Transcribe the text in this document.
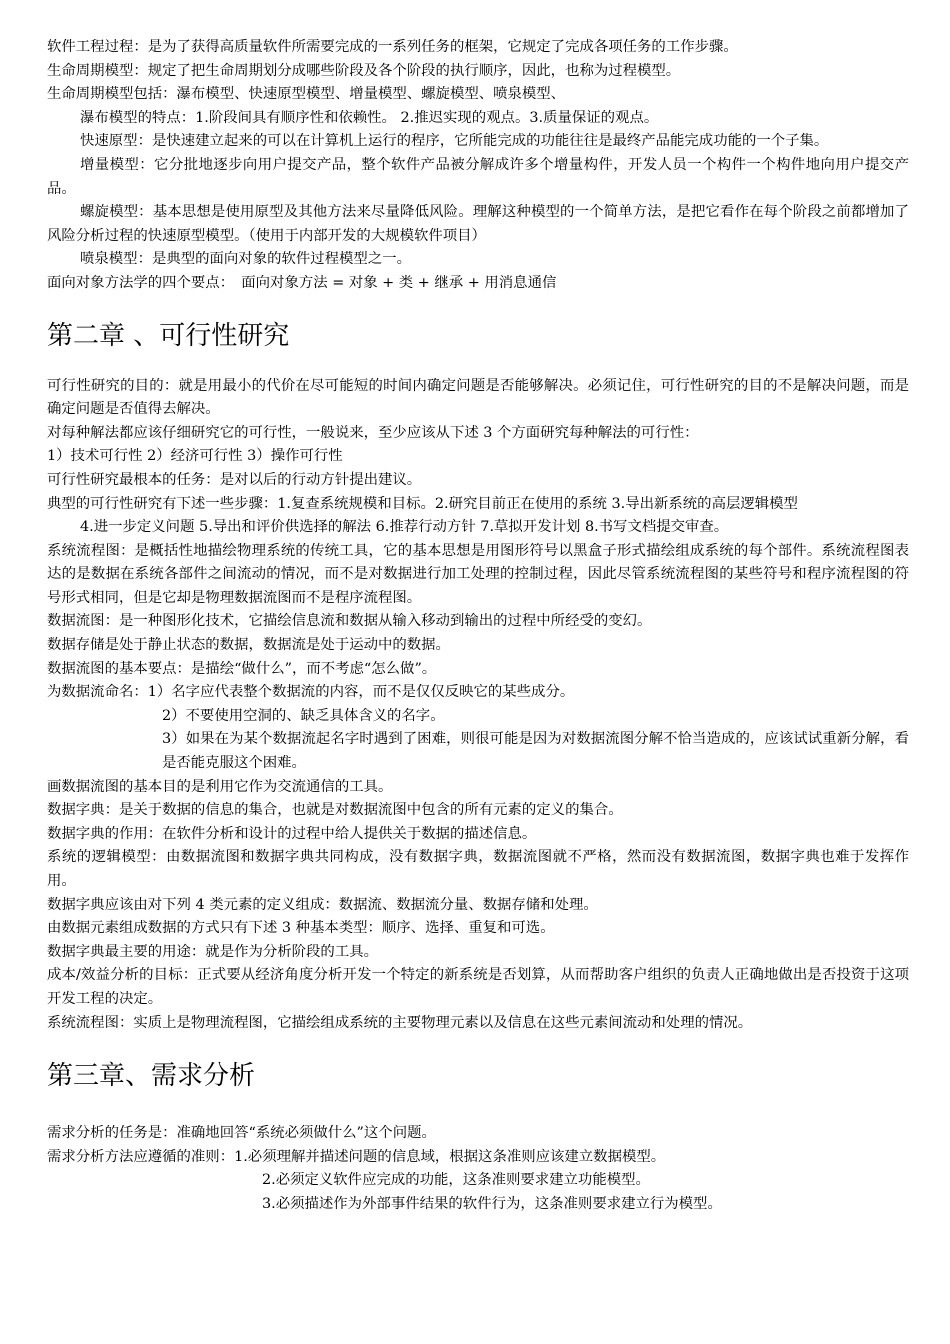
软件工程过程：是为了获得高质量软件所需要完成的一系列任务的框架，它规定了完成各项任务的工作步骤。

生命周期模型：规定了把生命周期划分成哪些阶段及各个阶段的执行顺序，因此，也称为过程模型。

生命周期模型包括：瀑布模型、快速原型模型、增量模型、螺旋模型、喷泉模型、

瀑布模型的特点：1.阶段间具有顺序性和依赖性。 2.推迟实现的观点。3.质量保证的观点。

快速原型：是快速建立起来的可以在计算机上运行的程序，它所能完成的功能往往是最终产品能完成功能的一个子集。

增量模型：它分批地逐步向用户提交产品，整个软件产品被分解成许多个增量构件，开发人员一个构件一个构件地向用户提交产品。

螺旋模型：基本思想是使用原型及其他方法来尽量降低风险。理解这种模型的一个简单方法，是把它看作在每个阶段之前都增加了风险分析过程的快速原型模型。（使用于内部开发的大规模软件项目）

喷泉模型：是典型的面向对象的软件过程模型之一。

面向对象方法学的四个要点：　面向对象方法 = 对象 + 类 + 继承 + 用消息通信

第二章 、可行性研究

可行性研究的目的：就是用最小的代价在尽可能短的时间内确定问题是否能够解决。必须记住，可行性研究的目的不是解决问题，而是确定问题是否值得去解决。

对每种解法都应该仔细研究它的可行性，一般说来，至少应该从下述 3 个方面研究每种解法的可行性：

1）技术可行性 2）经济可行性 3）操作可行性

可行性研究最根本的任务：是对以后的行动方针提出建议。

典型的可行性研究有下述一些步骤：1.复查系统规模和目标。2.研究目前正在使用的系统 3.导出新系统的高层逻辑模型

4.进一步定义问题 5.导出和评价供选择的解法 6.推荐行动方针 7.草拟开发计划 8.书写文档提交审查。

系统流程图：是概括性地描绘物理系统的传统工具，它的基本思想是用图形符号以黑盒子形式描绘组成系统的每个部件。系统流程图表达的是数据在系统各部件之间流动的情况，而不是对数据进行加工处理的控制过程，因此尽管系统流程图的某些符号和程序流程图的符号形式相同，但是它却是物理数据流图而不是程序流程图。

数据流图：是一种图形化技术，它描绘信息流和数据从输入移动到输出的过程中所经受的变幻。

数据存储是处于静止状态的数据，数据流是处于运动中的数据。

数据流图的基本要点：是描绘“做什么”，而不考虑“怎么做”。

为数据流命名：1）名字应代表整个数据流的内容，而不是仅仅反映它的某些成分。

2）不要使用空洞的、缺乏具体含义的名字。

3）如果在为某个数据流起名字时遇到了困难，则很可能是因为对数据流图分解不恰当造成的，应该试试重新分解，看是否能克服这个困难。

画数据流图的基本目的是利用它作为交流通信的工具。

数据字典：是关于数据的信息的集合，也就是对数据流图中包含的所有元素的定义的集合。

数据字典的作用：在软件分析和设计的过程中给人提供关于数据的描述信息。

系统的逻辑模型：由数据流图和数据字典共同构成，没有数据字典，数据流图就不严格，然而没有数据流图，数据字典也难于发挥作用。

数据字典应该由对下列 4 类元素的定义组成：数据流、数据流分量、数据存储和处理。

由数据元素组成数据的方式只有下述 3 种基本类型：顺序、选择、重复和可选。

数据字典最主要的用途：就是作为分析阶段的工具。

成本/效益分析的目标：正式要从经济角度分析开发一个特定的新系统是否划算，从而帮助客户组织的负责人正确地做出是否投资于这项开发工程的决定。

系统流程图：实质上是物理流程图，它描绘组成系统的主要物理元素以及信息在这些元素间流动和处理的情况。

第三章、需求分析

需求分析的任务是：准确地回答“系统必须做什么”这个问题。

需求分析方法应遵循的准则：1.必须理解并描述问题的信息域，根据这条准则应该建立数据模型。

2.必须定义软件应完成的功能，这条准则要求建立功能模型。

3.必须描述作为外部事件结果的软件行为，这条准则要求建立行为模型。
